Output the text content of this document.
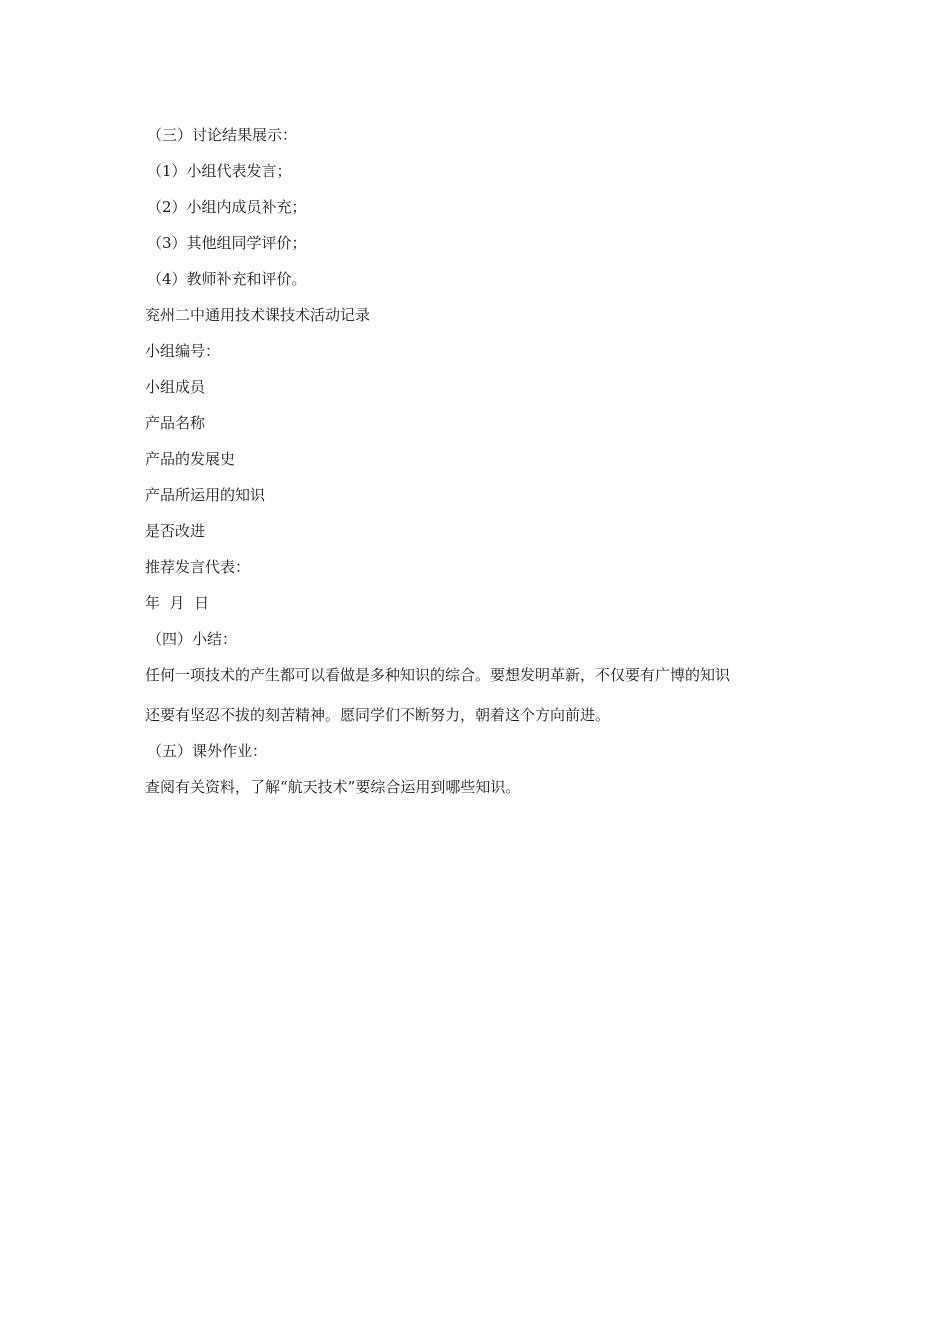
（三）讨论结果展示：
（1）小组代表发言；
（2）小组内成员补充；
（3）其他组同学评价；
（4）教师补充和评价。
兖州二中通用技术课技术活动记录
小组编号：
小组成员
产品名称
产品的发展史
产品所运用的知识
是否改进
推荐发言代表：
年  月  日
（四）小结：
任何一项技术的产生都可以看做是多种知识的综合。要想发明革新，不仅要有广博的知识
还要有坚忍不拔的刻苦精神。愿同学们不断努力，朝着这个方向前进。
（五）课外作业：
查阅有关资料，了解“航天技术”要综合运用到哪些知识。
